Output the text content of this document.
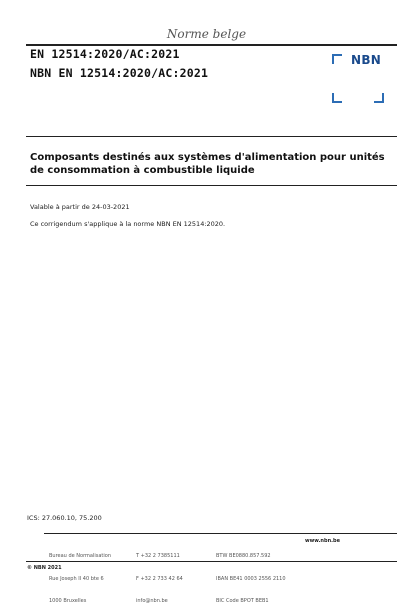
Norme belge
EN 12514:2020/AC:2021
NBN EN 12514:2020/AC:2021
NBN
Composants destinés aux systèmes d'alimentation pour unités de consommation à combustible liquide
Valable à partir de 24-03-2021
Ce corrigendum s'applique à la norme NBN EN 12514:2020.
ICS: 27.060.10, 75.200

Bureau de Normalisation

Rue Joseph II 40 bte 6

1000 Bruxelles

T +32 2 7385111

F +32 2 733 42 64

info@nbn.be

BTW BE0880.857.592

IBAN BE41 0003 2556 2110

BIC Code BPOT BEB1

www.nbn.be
© NBN 2021
